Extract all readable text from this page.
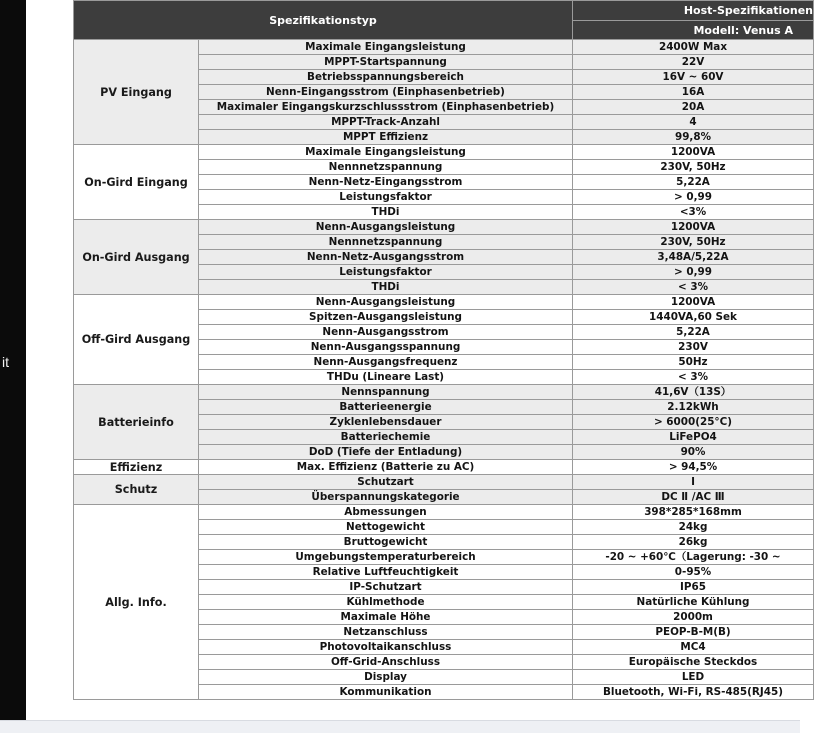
it
Spezifikationstyp		Host-Spezifikationen
		Modell: Venus A
PV Eingang	Maximale Eingangsleistung	2400W Max
	MPPT-Startspannung	22V
	Betriebsspannungsbereich	16V ~ 60V
	Nenn-Eingangsstrom (Einphasenbetrieb)	16A
	Maximaler Eingangskurzschlussstrom (Einphasenbetrieb)	20A
	MPPT-Track-Anzahl	4
	MPPT Effizienz	99,8%
On-Gird Eingang	Maximale Eingangsleistung	1200VA
	Nennnetzspannung	230V, 50Hz
	Nenn-Netz-Eingangsstrom	5,22A
	Leistungsfaktor	> 0,99
	THDi	<3%
On-Gird Ausgang	Nenn-Ausgangsleistung	1200VA
	Nennnetzspannung	230V, 50Hz
	Nenn-Netz-Ausgangsstrom	3,48A/5,22A
	Leistungsfaktor	> 0,99
	THDi	< 3%
Off-Gird Ausgang	Nenn-Ausgangsleistung	1200VA
	Spitzen-Ausgangsleistung	1440VA,60 Sek
	Nenn-Ausgangsstrom	5,22A
	Nenn-Ausgangsspannung	230V
	Nenn-Ausgangsfrequenz	50Hz
	THDu (Lineare Last)	< 3%
Batterieinfo	Nennspannung	41,6V（13S）
	Batterieenergie	2.12kWh
	Zyklenlebensdauer	> 6000(25°C)
	Batteriechemie	LiFePO4
	DoD (Tiefe der Entladung)	90%
Effizienz	Max. Effizienz (Batterie zu AC)	> 94,5%
Schutz	Schutzart	I
	Überspannungskategorie	DC Ⅱ /AC Ⅲ
Allg. Info.	Abmessungen	398*285*168mm
	Nettogewicht	24kg
	Bruttogewicht	26kg
	Umgebungstemperaturbereich	-20 ~ +60℃（Lagerung: -30 ~
	Relative Luftfeuchtigkeit	0-95%
	IP-Schutzart	IP65
	Kühlmethode	Natürliche Kühlung
	Maximale Höhe	2000m
	Netzanschluss	PEOP-B-M(B)
	Photovoltaikanschluss	MC4
	Off-Grid-Anschluss	Europäische Steckdos
	Display	LED
	Kommunikation	Bluetooth, Wi-Fi, RS-485(RJ45)
